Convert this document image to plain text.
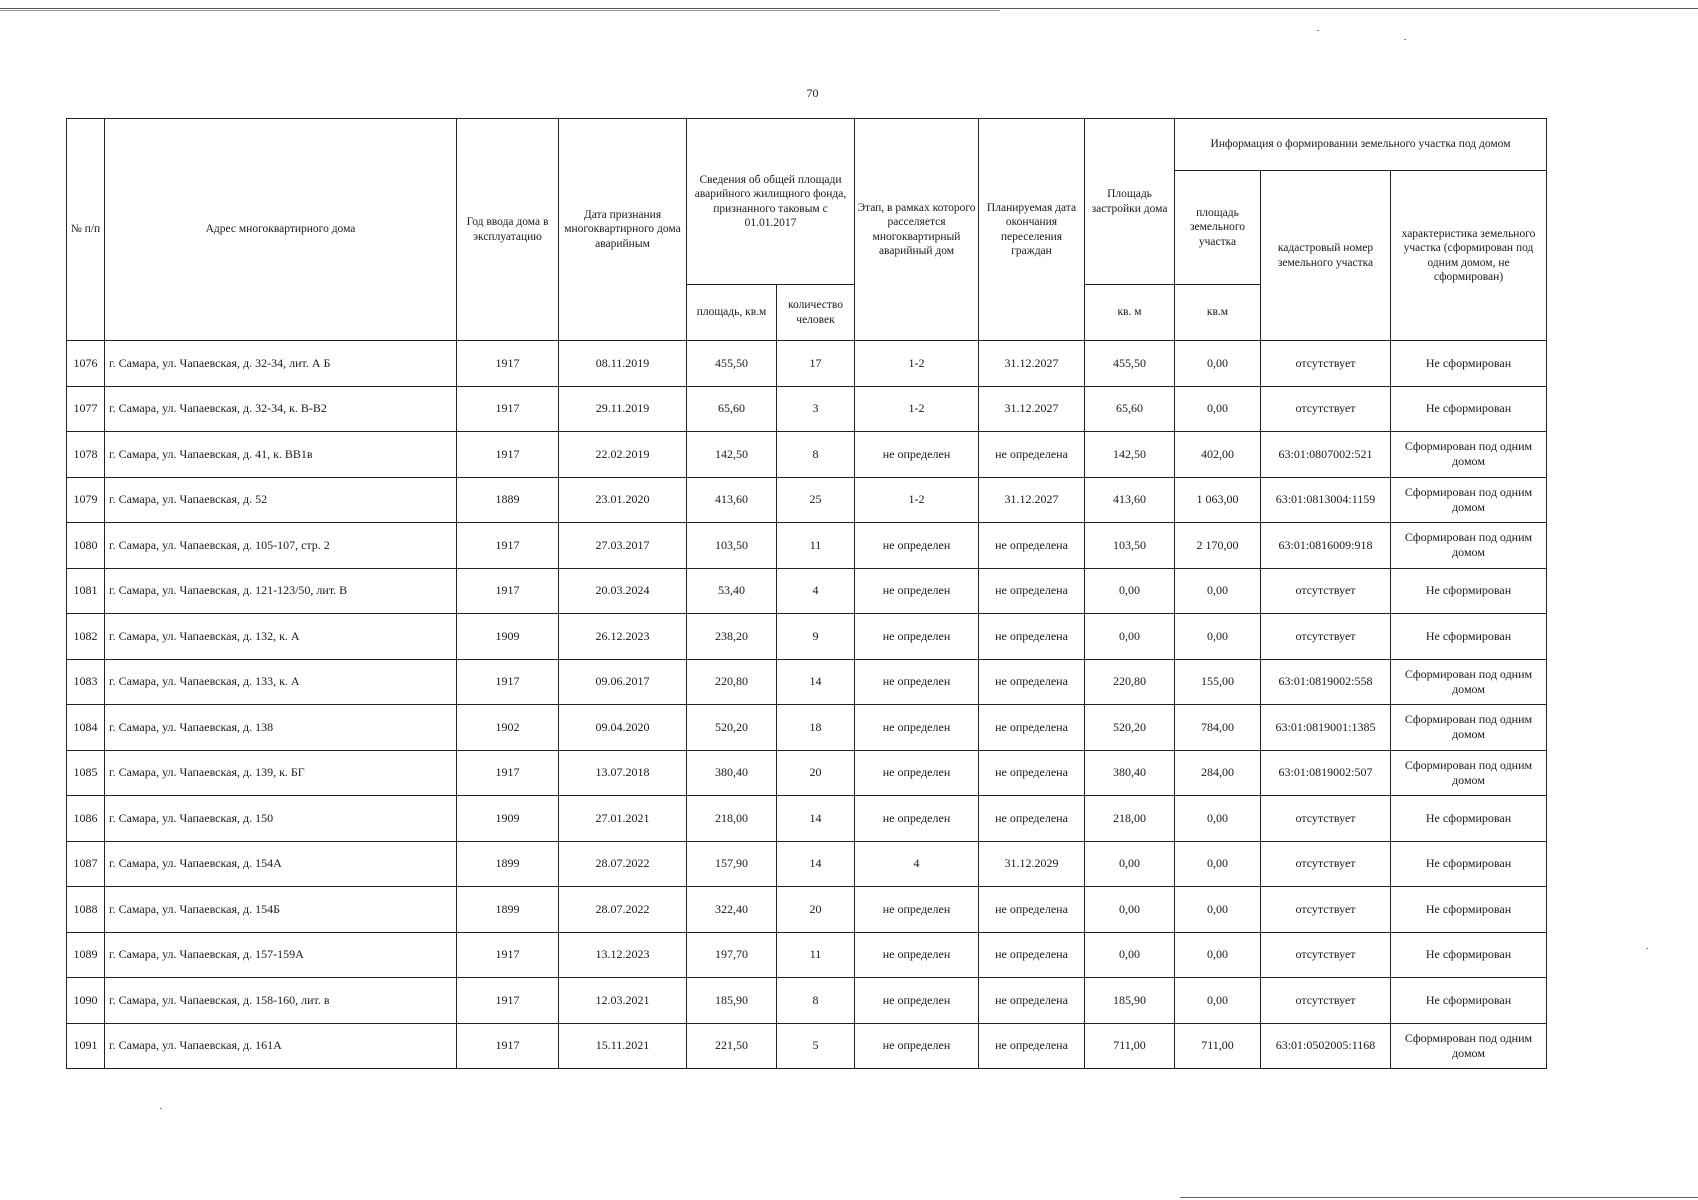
70
№ п/п	Адрес многоквартирного дома	Год ввода дома в эксплуатацию	Дата признания многоквартирного дома аварийным	Сведения об общей площади аварийного жилищного фонда, признанного таковым с 01.01.2017		Этап, в рамках которого расселяется многоквартирный аварийный дом	Планируемая дата окончания переселения граждан	Площадь застройки дома	Информация о формировании земельного участка под домом		
									площадь земельного участка	кадастровый номер земельного участка	характеристика земельного участка (сформирован под одним домом, не сформирован)
				площадь, кв.м	количество человек			кв. м	кв.м		
1076	г. Самара, ул. Чапаевская, д. 32-34, лит. А Б	1917	08.11.2019	455,50	17	1-2	31.12.2027	455,50	0,00	отсутствует	Не сформирован
1077	г. Самара, ул. Чапаевская, д. 32-34, к. В-В2	1917	29.11.2019	65,60	3	1-2	31.12.2027	65,60	0,00	отсутствует	Не сформирован
1078	г. Самара, ул. Чапаевская, д. 41, к. ВВ1в	1917	22.02.2019	142,50	8	не определен	не определена	142,50	402,00	63:01:0807002:521	Сформирован под одним домом
1079	г. Самара, ул. Чапаевская, д. 52	1889	23.01.2020	413,60	25	1-2	31.12.2027	413,60	1 063,00	63:01:0813004:1159	Сформирован под одним домом
1080	г. Самара, ул. Чапаевская, д. 105-107, стр. 2	1917	27.03.2017	103,50	11	не определен	не определена	103,50	2 170,00	63:01:0816009:918	Сформирован под одним домом
1081	г. Самара, ул. Чапаевская, д. 121-123/50, лит. В	1917	20.03.2024	53,40	4	не определен	не определена	0,00	0,00	отсутствует	Не сформирован
1082	г. Самара, ул. Чапаевская, д. 132, к. А	1909	26.12.2023	238,20	9	не определен	не определена	0,00	0,00	отсутствует	Не сформирован
1083	г. Самара, ул. Чапаевская, д. 133, к. А	1917	09.06.2017	220,80	14	не определен	не определена	220,80	155,00	63:01:0819002:558	Сформирован под одним домом
1084	г. Самара, ул. Чапаевская, д. 138	1902	09.04.2020	520,20	18	не определен	не определена	520,20	784,00	63:01:0819001:1385	Сформирован под одним домом
1085	г. Самара, ул. Чапаевская, д. 139, к. БГ	1917	13.07.2018	380,40	20	не определен	не определена	380,40	284,00	63:01:0819002:507	Сформирован под одним домом
1086	г. Самара, ул. Чапаевская, д. 150	1909	27.01.2021	218,00	14	не определен	не определена	218,00	0,00	отсутствует	Не сформирован
1087	г. Самара, ул. Чапаевская, д. 154А	1899	28.07.2022	157,90	14	4	31.12.2029	0,00	0,00	отсутствует	Не сформирован
1088	г. Самара, ул. Чапаевская, д. 154Б	1899	28.07.2022	322,40	20	не определен	не определена	0,00	0,00	отсутствует	Не сформирован
1089	г. Самара, ул. Чапаевская, д. 157-159А	1917	13.12.2023	197,70	11	не определен	не определена	0,00	0,00	отсутствует	Не сформирован
1090	г. Самара, ул. Чапаевская, д. 158-160, лит. в	1917	12.03.2021	185,90	8	не определен	не определена	185,90	0,00	отсутствует	Не сформирован
1091	г. Самара, ул. Чапаевская, д. 161А	1917	15.11.2021	221,50	5	не определен	не определена	711,00	711,00	63:01:0502005:1168	Сформирован под одним домом
